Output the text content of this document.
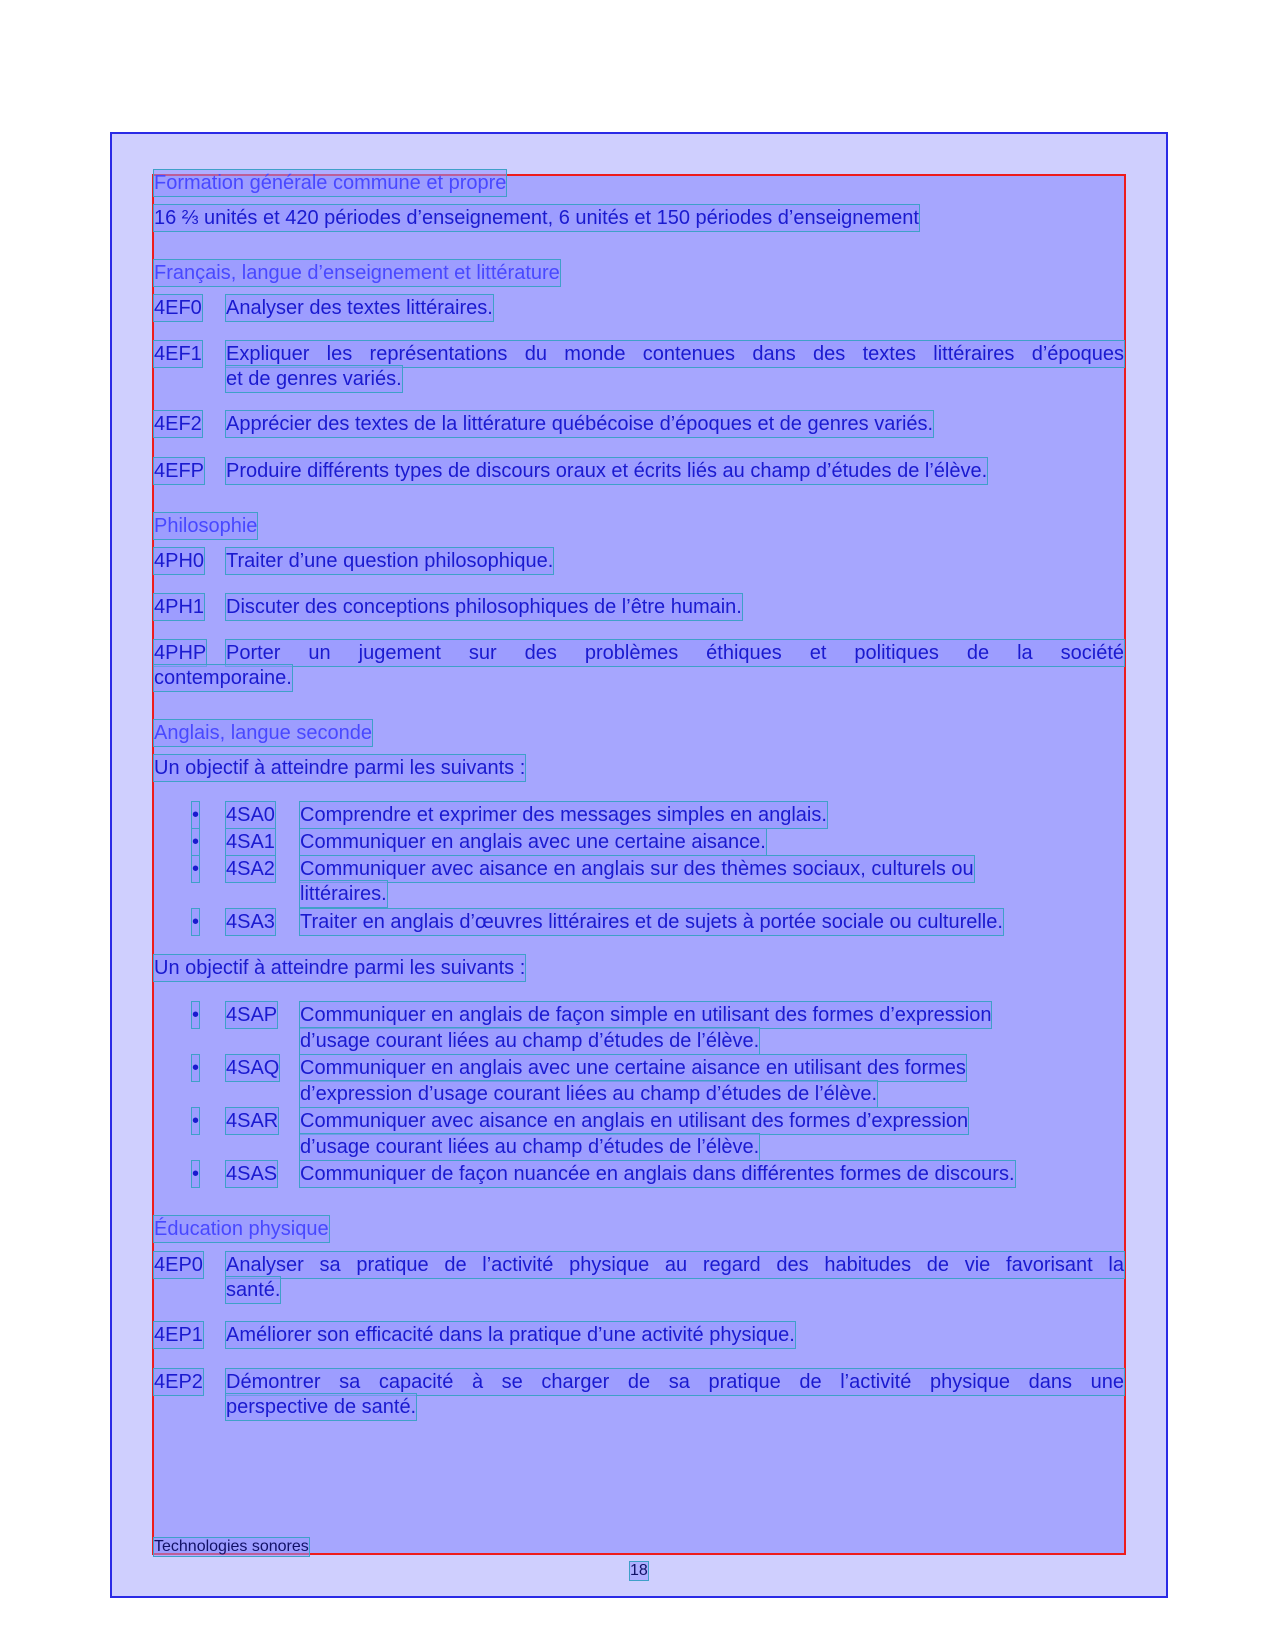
Formation générale commune et propre
16 ⅔ unités et 420 périodes d’enseignement, 6 unités et 150 périodes d’enseignement
Français, langue d’enseignement et littérature
4EF0 Analyser des textes littéraires.
4EF1 Expliquer les représentations du monde contenues dans des textes littéraires d’époques
et de genres variés.
4EF2 Apprécier des textes de la littérature québécoise d’époques et de genres variés.
4EFP Produire différents types de discours oraux et écrits liés au champ d’études de l’élève.
Philosophie
4PH0 Traiter d’une question philosophique.
4PH1 Discuter des conceptions philosophiques de l’être humain.
4PHP Porter un jugement sur des problèmes éthiques et politiques de la société
contemporaine.
Anglais, langue seconde
Un objectif à atteindre parmi les suivants :
• 4SA0 Comprendre et exprimer des messages simples en anglais.
• 4SA1 Communiquer en anglais avec une certaine aisance.
• 4SA2 Communiquer avec aisance en anglais sur des thèmes sociaux, culturels ou
littéraires.
• 4SA3 Traiter en anglais d’œuvres littéraires et de sujets à portée sociale ou culturelle.
Un objectif à atteindre parmi les suivants :
• 4SAP Communiquer en anglais de façon simple en utilisant des formes d’expression
d’usage courant liées au champ d’études de l’élève.
• 4SAQ Communiquer en anglais avec une certaine aisance en utilisant des formes
d’expression d’usage courant liées au champ d’études de l’élève.
• 4SAR Communiquer avec aisance en anglais en utilisant des formes d’expression
d’usage courant liées au champ d’études de l’élève.
• 4SAS Communiquer de façon nuancée en anglais dans différentes formes de discours.
Éducation physique
4EP0 Analyser sa pratique de l’activité physique au regard des habitudes de vie favorisant la
santé.
4EP1 Améliorer son efficacité dans la pratique d’une activité physique.
4EP2 Démontrer sa capacité à se charger de sa pratique de l’activité physique dans une
perspective de santé.
Technologies sonores
18
